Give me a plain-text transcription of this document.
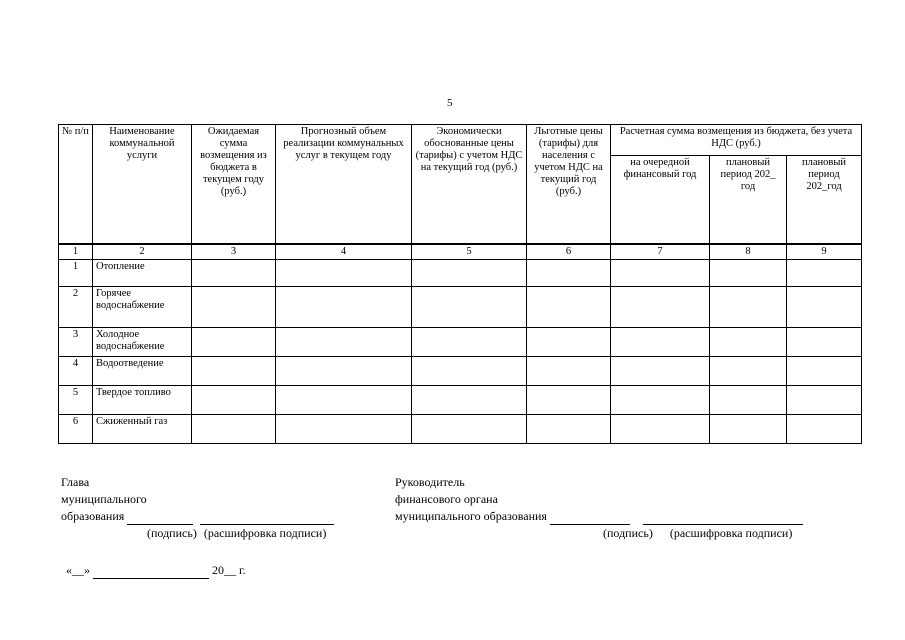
5
№ п/п	Наименование коммунальной услуги	Ожидаемая сумма возмещения из бюджета в текущем году (руб.)	Прогнозный объем реализации коммунальных услуг в текущем году	Экономически обоснованные цены (тарифы) с учетом НДС на текущий год (руб.)	Льготные цены (тарифы) для населения с учетом НДС на текущий год (руб.)	Расчетная сумма возмещения из бюджета, без учета НДС (руб.)		
						на очередной финансовый год	плановый период 202_ год	плановый период 202_год
1	2	3	4	5	6	7	8	9
1	Отопление							
2	Горячее водоснабжение							
3	Холодное водоснабжение							
4	Водоотведение							
5	Твердое топливо							
6	Сжиженный газ							
Глава
муниципального
образования
(подпись) (расшифровка подписи)
Руководитель
финансового органа
муниципального образования
(подпись) (расшифровка подписи)
«__»	20__ г.
